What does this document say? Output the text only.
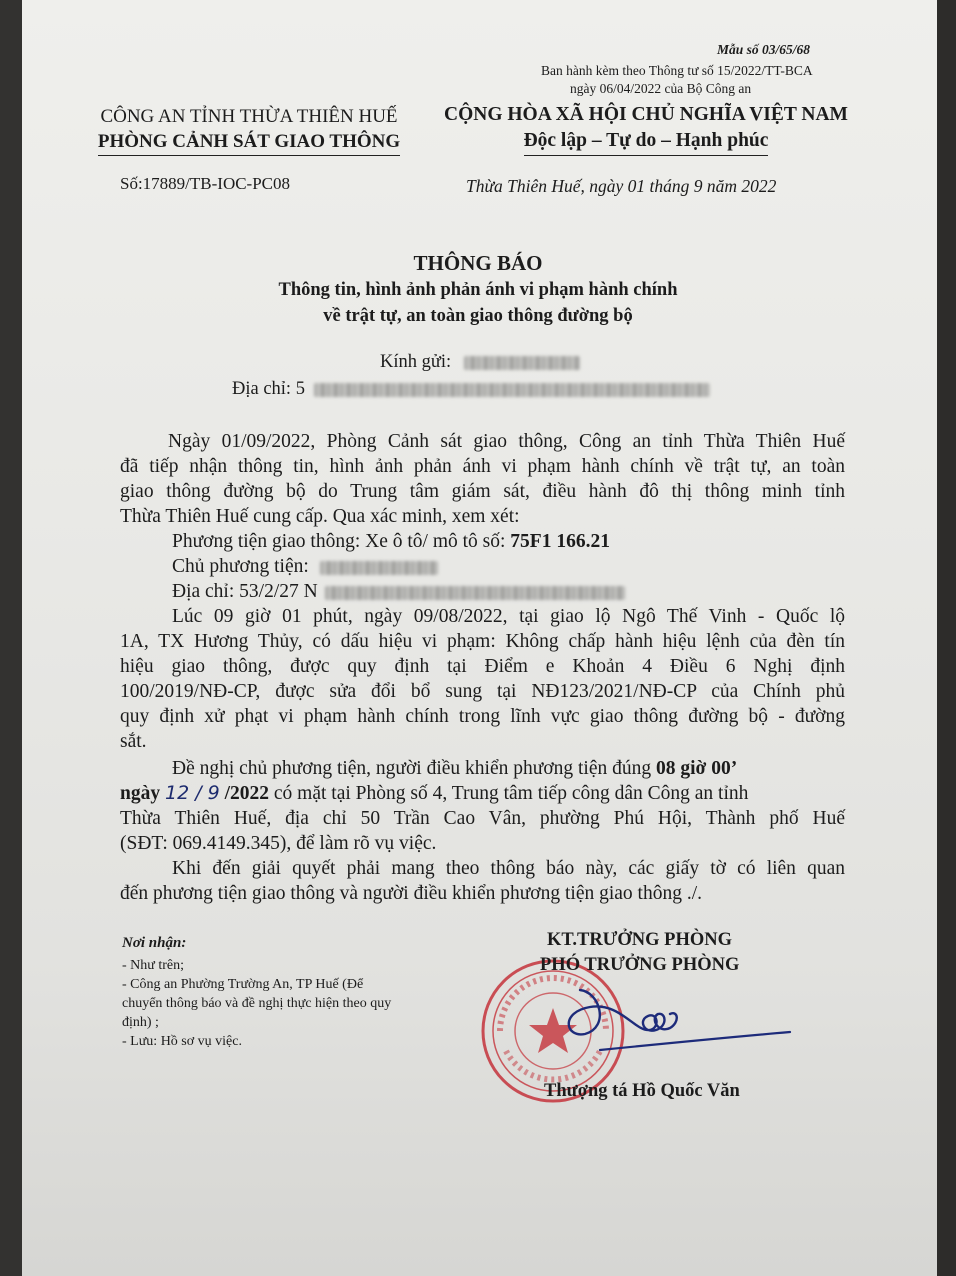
Mẫu số 03/65/68
Ban hành kèm theo Thông tư số 15/2022/TT-BCA
ngày 06/04/2022 của Bộ Công an
CÔNG AN TỈNH THỪA THIÊN HUẾ
PHÒNG CẢNH SÁT GIAO THÔNG
CỘNG HÒA XÃ HỘI CHỦ NGHĨA VIỆT NAM
Độc lập – Tự do – Hạnh phúc
Số:17889/TB-IOC-PC08	Thừa Thiên Huế, ngày 01 tháng 9 năm 2022
THÔNG BÁO
Thông tin, hình ảnh phản ánh vi phạm hành chính
về trật tự, an toàn giao thông đường bộ
Kính gửi:
Địa chỉ: 5
Ngày 01/09/2022, Phòng Cảnh sát giao thông, Công an tỉnh Thừa Thiên Huế
đã tiếp nhận thông tin, hình ảnh phản ánh vi phạm hành chính về trật tự, an toàn
giao thông đường bộ do Trung tâm giám sát, điều hành đô thị thông minh tỉnh
Thừa Thiên Huế cung cấp. Qua xác minh, xem xét:
Phương tiện giao thông: Xe ô tô/ mô tô số: 75F1 166.21
Chủ phương tiện:
Địa chỉ: 53/2/27 N
Lúc 09 giờ 01 phút, ngày 09/08/2022, tại giao lộ Ngô Thế Vinh - Quốc lộ
1A, TX Hương Thủy, có dấu hiệu vi phạm: Không chấp hành hiệu lệnh của đèn tín
hiệu giao thông, được quy định tại Điểm e Khoản 4 Điều 6 Nghị định
100/2019/NĐ-CP, được sửa đổi bổ sung tại NĐ123/2021/NĐ-CP của Chính phủ
quy định xử phạt vi phạm hành chính trong lĩnh vực giao thông đường bộ - đường
sắt.
Đề nghị chủ phương tiện, người điều khiển phương tiện đúng 08 giờ 00’
ngày 12 / 9 /2022 có mặt tại Phòng số 4, Trung tâm tiếp công dân Công an tỉnh
Thừa Thiên Huế, địa chỉ 50 Trần Cao Vân, phường Phú Hội, Thành phố Huế
(SĐT: 069.4149.345), để làm rõ vụ việc.
Khi đến giải quyết phải mang theo thông báo này, các giấy tờ có liên quan
đến phương tiện giao thông và người điều khiển phương tiện giao thông ./.
Nơi nhận:
- Như trên;
- Công an Phường Trường An, TP Huế (Để
chuyển thông báo và đề nghị thực hiện theo quy
định) ;
- Lưu: Hồ sơ vụ việc.
KT.TRƯỞNG PHÒNG
PHÓ TRƯỞNG PHÒNG
Thượng tá Hồ Quốc Văn
